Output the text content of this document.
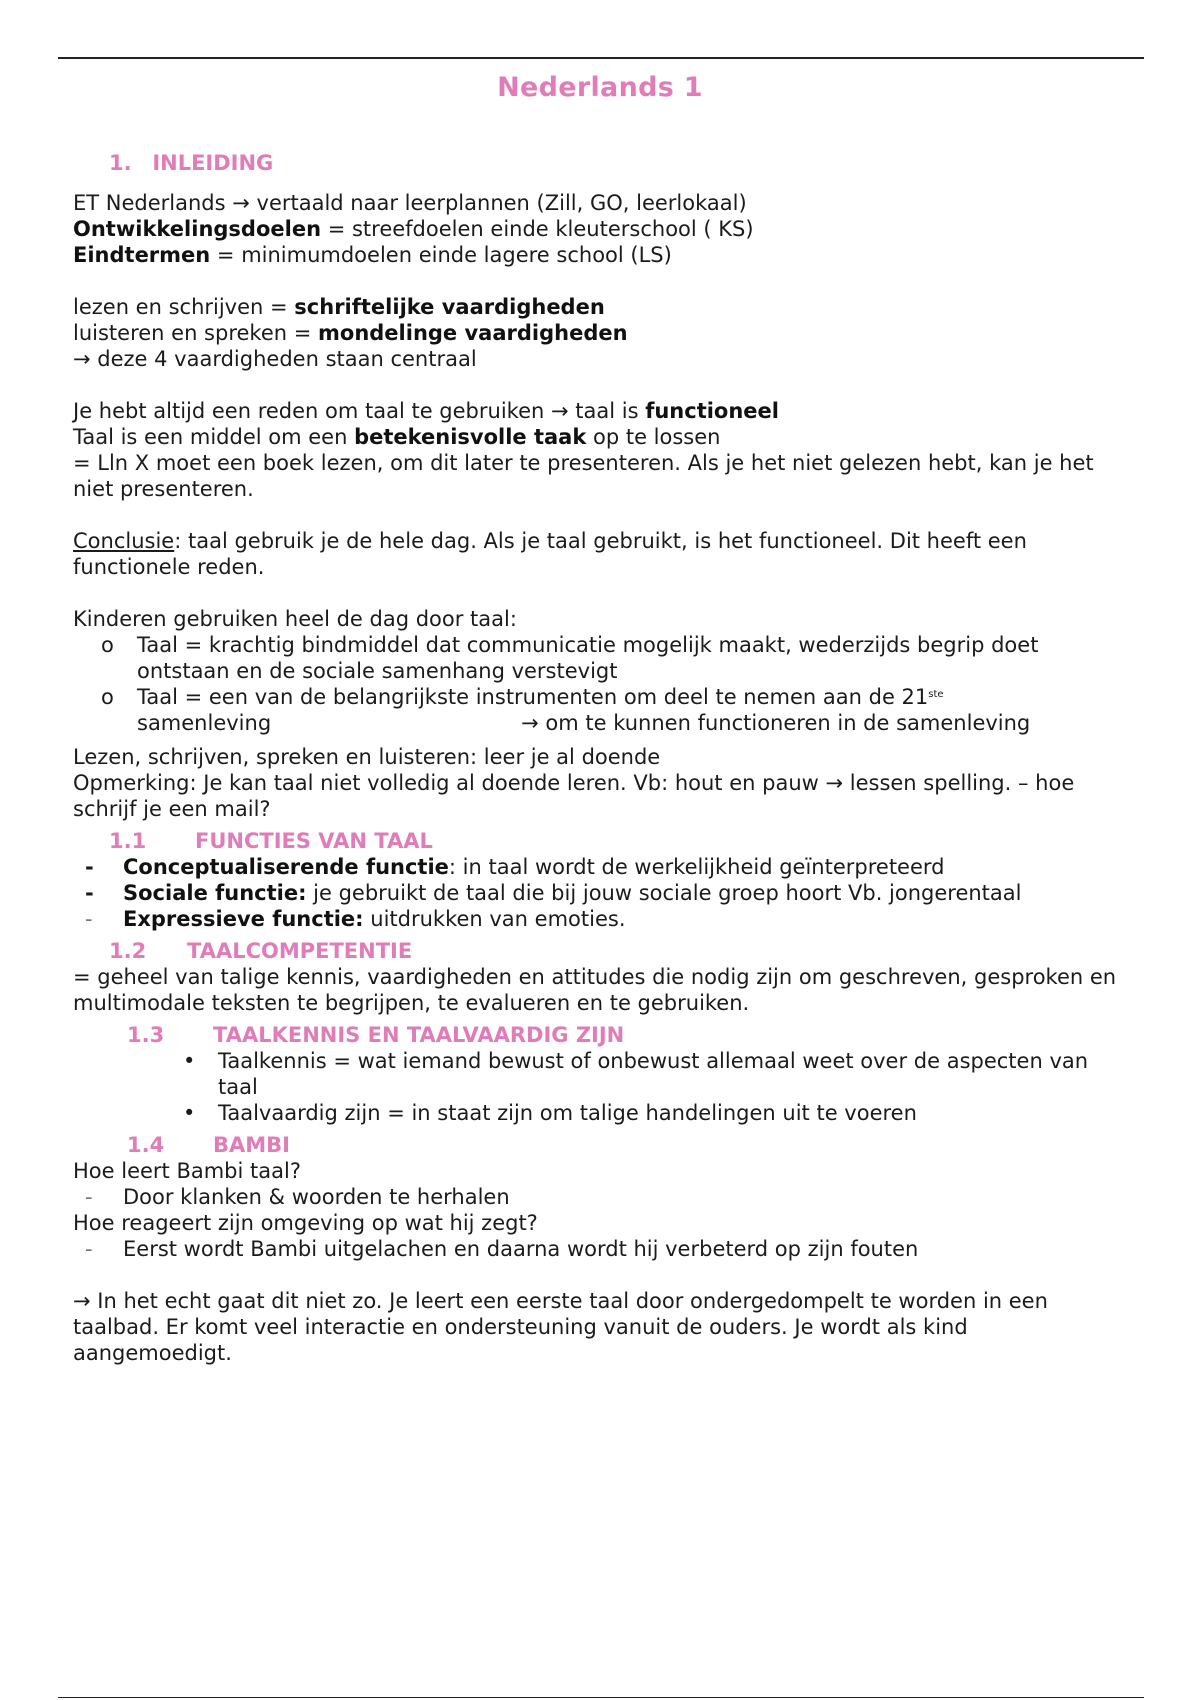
Nederlands 1
1. INLEIDING

ET Nederlands → vertaald naar leerplannen (Zill, GO, leerlokaal)

Ontwikkelingsdoelen = streefdoelen einde kleuterschool ( KS)

Eindtermen = minimumdoelen einde lagere school (LS)

lezen en schrijven = schriftelijke vaardigheden

luisteren en spreken = mondelinge vaardigheden

→ deze 4 vaardigheden staan centraal

Je hebt altijd een reden om taal te gebruiken → taal is functioneel

Taal is een middel om een betekenisvolle taak op te lossen

= Lln X moet een boek lezen, om dit later te presenteren. Als je het niet gelezen hebt, kan je het niet presenteren.

Conclusie: taal gebruik je de hele dag. Als je taal gebruikt, is het functioneel. Dit heeft een functionele reden.

Kinderen gebruiken heel de dag door taal:

o Taal = krachtig bindmiddel dat communicatie mogelijk maakt, wederzijds begrip doet ontstaan en de sociale samenhang verstevigt
o Taal = een van de belangrijkste instrumenten om deel te nemen aan de 21ste
samenleving	→ om te kunnen functioneren in de samenleving

Lezen, schrijven, spreken en luisteren: leer je al doende

Opmerking: Je kan taal niet volledig al doende leren. Vb: hout en pauw → lessen spelling. – hoe schrijf je een mail?

1.1 FUNCTIES VAN TAAL
- Conceptualiserende functie: in taal wordt de werkelijkheid geïnterpreteerd
- Sociale functie: je gebruikt de taal die bij jouw sociale groep hoort Vb. jongerentaal
- Expressieve functie: uitdrukken van emoties.
1.2 TAALCOMPETENTIE

= geheel van talige kennis, vaardigheden en attitudes die nodig zijn om geschreven, gesproken en multimodale teksten te begrijpen, te evalueren en te gebruiken.

1.3 TAALKENNIS EN TAALVAARDIG ZIJN
• Taalkennis = wat iemand bewust of onbewust allemaal weet over de aspecten van taal
• Taalvaardig zijn = in staat zijn om talige handelingen uit te voeren
1.4 BAMBI

Hoe leert Bambi taal?

- Door klanken & woorden te herhalen

Hoe reageert zijn omgeving op wat hij zegt?

- Eerst wordt Bambi uitgelachen en daarna wordt hij verbeterd op zijn fouten

→ In het echt gaat dit niet zo. Je leert een eerste taal door ondergedompelt te worden in een taalbad. Er komt veel interactie en ondersteuning vanuit de ouders. Je wordt als kind aangemoedigt.
